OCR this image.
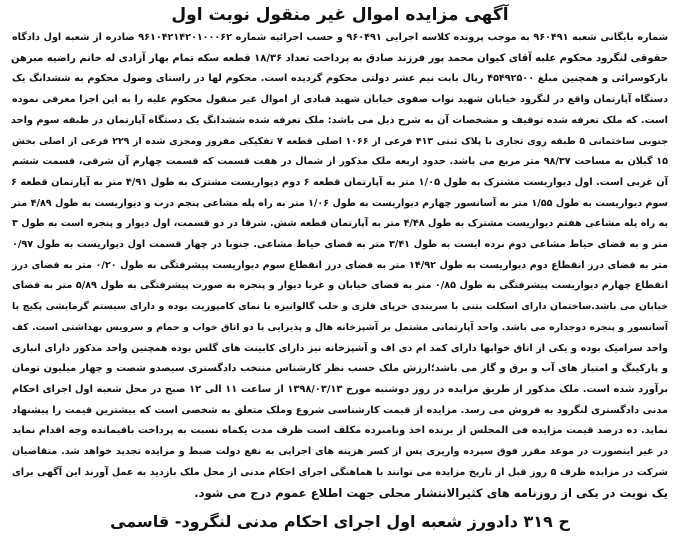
آگهی مزایده اموال غیر منقول نوبت اول
شماره بایگانی شعبه ۹۶۰۴۹۱ به موجب پرونده کلاسه اجرایی ۹۶۰۴۹۱ و حسب اجرائیه شماره ۹۶۱۰۴۲۱۴۲۰۱۰۰۰۶۲ صادره از شعبه اول دادگاه
حقوقی لنگرود محکوم علیه آقای کیوان محمد پور فرزند صادق به پرداخت تعداد ۱۸/۳۶ قطعه سکه تمام بهار آزادی له خانم راضیه مبرهن
بارکوسرائی و همچنین مبلغ ۴۵۴۹۲۵۰۰ ریال بابت نیم عشر دولتی محکوم گردیده است. محکوم لها در راستای وصول محکوم به ششدانگ یک
دستگاه آپارتمان واقع در لنگرود خیابان شهید نواب صفوی خیابان شهید قبادی از اموال غیر منقول محکوم علیه را به این اجرا معرفی نموده
است. که ملک تعرفه شده توقیف و مشخصات آن به شرح ذیل می باشد: ملک تعرفه شده ششدانگ یک دستگاه آپارتمان در طبقه سوم واحد
جنوبی ساختمانی ۵ طبقه روی تجاری با پلاک ثبتی ۴۱۳ فرعی از ۱۰۶۶ اصلی قطعه ۷ تفکیکی مفروز ومجزی شده از ۲۲۹ فرعی از اصلی بخش
۱۵ گیلان به مساحت ۹۸/۳۷ متر مربع می باشد. حدود اربعه ملک مذکور از شمال در هفت قسمت که قسمت چهارم آن شرقی، قسمت ششم
آن غربی است. اول دیواریست مشترک به طول ۱/۰۵ متر به آپارتمان قطعه ۶ دوم دیواریست مشترک به طول ۴/۹۱ متر به آپارتمان قطعه ۶
سوم دیواریست به طول ۱/۵۵ متر به آسانسور چهارم دیواریست به طول ۱/۰۶ متر به راه پله مشاعی پنجم درب و دیواریست به طول ۴/۸۹ متر
به راه پله مشاعی هفتم دیواریست مشترک به طول ۴/۴۸ متر به آپارتمان قطعه شش. شرقا در دو قسمت، اول دیوار و پنجره است به طول ۳
متر و به فضای حیاط مشاعی دوم نرده ایست به طول ۳/۴۱ متر به فضای حیاط مشاعی. جنوبا در چهار قسمت اول دیواریست به طول ۰/۹۷
متر به فضای درز انقطاع دوم دیواریست به طول ۱۴/۹۲ متر به فضای درز انقطاع سوم دیواریست پیشرفتگی به طول ۰/۲۰ متر به فضای درز
انقطاع چهارم دیواریست پیشرفتگی به طول ۰/۸۵ متر به فضای خیابان و غربا دیوار و پنجره به صورت پیشرفتگی به طول ۵/۸۹ متر به فضای
خیابان می باشد.ساختمان دارای اسکلت بتنی با سربندی خرپای فلزی و حلب گالوانیزه با نمای کامپوزیت بوده و دارای سیستم گرمایشی پکیج با
آسانسور و پنجره دوجداره می باشد. واحد آپارتمانی مشتمل بر آشپزخانه هال و پذیرایی با دو اتاق خواب و حمام و سرویس بهداشتی است. کف
واحد سرامیک بوده و یکی از اتاق خوابها دارای کمد ام دی اف و آشپزخانه نیز دارای کابینت های گلس بوده همچنین واحد مذکور دارای انباری
و پارکینگ و امتیاز های آب و برق و گاز می باشد؛ارزش ملک حسب نظر کارشناس منتخب دادگستری سیصدو شصت و چهار میلیون تومان
برآورد شده است. ملک مذکور از طریق مزایده در روز دوشنبه مورخ ۱۳۹۸/۰۳/۱۳ از ساعت ۱۱ الی ۱۲ صبح در محل شعبه اول اجرای احکام
مدنی دادگستری لنگرود به فروش می رسد. مزایده از قیمت کارشناسی شروع وملک متعلق به شخصی است که بیشترین قیمت را پیشنهاد
نماید. ده درصد قیمت مزایده فی المجلس از برنده اخذ ونامبرده مکلف است ظرف مدت یکماه نسبت به پرداخت باقیمانده وجه اقدام نماید
در غیر اینصورت در موعد مقرر فوق سپرده واریزی پس از کسر هزینه های اجرایی به نفع دولت ضبط و مزایده تجدید خواهد شد. متقاضیان
شرکت در مزایده ظرف ۵ روز قبل از تاریخ مزایده می توانند با هماهنگی اجرای احکام مدنی از محل ملک بازدید به عمل آورند این آگهی برای
یک نوبت در یکی از روزنامه های کثیرالانتشار محلی جهت اطلاع عموم درج می شود.
ح ۳۱۹ دادورز شعبه اول اجرای احکام مدنی لنگرود- قاسمی
